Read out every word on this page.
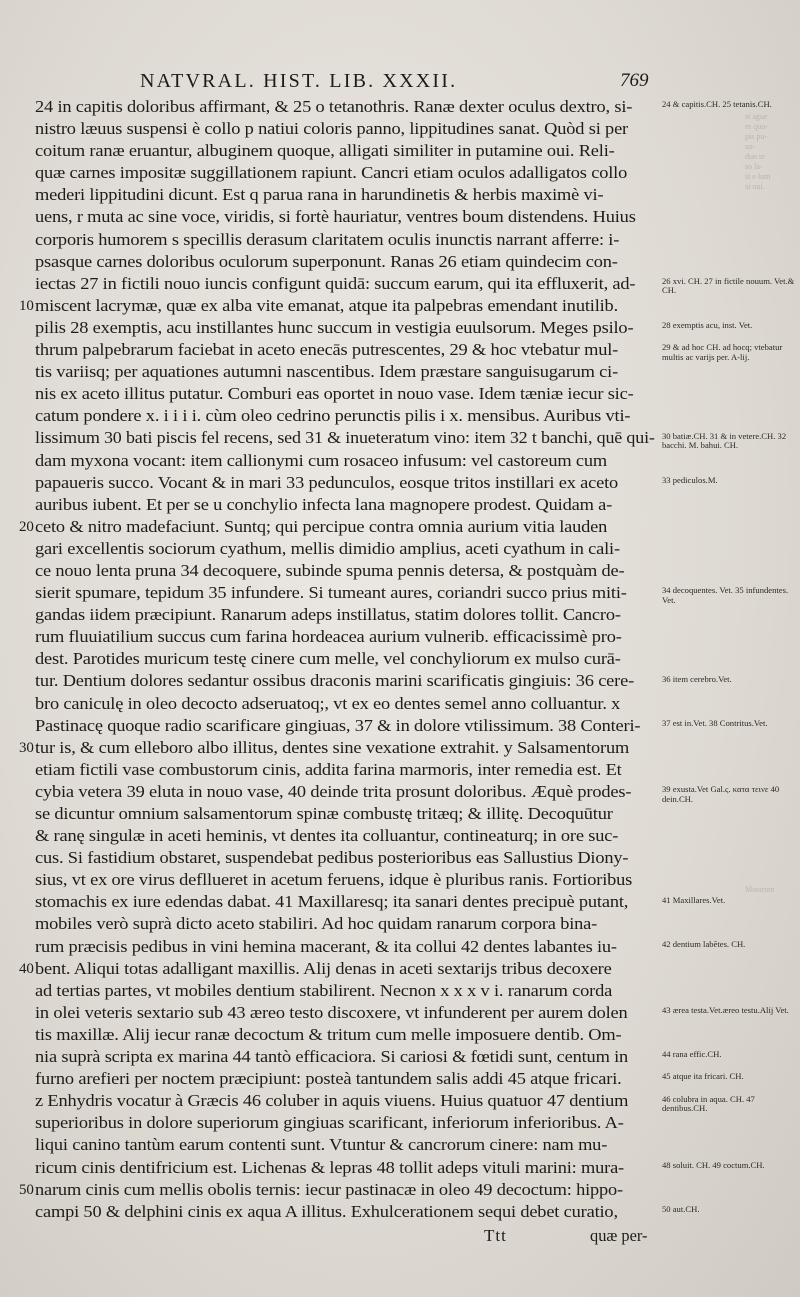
NATVRAL. HIST. LIB. XXXII.	769
24 in capitis doloribus affirmant, & 25 o tetanothris. Ranæ dexter oculus dextro, si-
nistro læuus suspensi è collo p natiui coloris panno, lippitudines sanat. Quòd si per
coitum ranæ eruantur, albuginem quoque, alligati similiter in putamine oui. Reli-
quæ carnes impositæ suggillationem rapiunt. Cancri etiam oculos adalligatos collo
mederi lippitudini dicunt. Est q parua rana in harundinetis & herbis maximè vi-
uens, r muta ac sine voce, viridis, si fortè hauriatur, ventres boum distendens. Huius
corporis humorem s specillis derasum claritatem oculis inunctis narrant afferre: i-
psasque carnes doloribus oculorum superponunt. Ranas 26 etiam quindecim con-
iectas 27 in fictili nouo iuncis configunt quidā: succum earum, qui ita effluxerit, ad-
10 miscent lacrymæ, quæ ex alba vite emanat, atque ita palpebras emendant inutilib.
pilis 28 exemptis, acu instillantes hunc succum in vestigia euulsorum. Meges psilo-
thrum palpebrarum faciebat in aceto enecās putrescentes, 29 & hoc vtebatur mul-
tis variisq; per aquationes autumni nascentibus. Idem præstare sanguisugarum ci-
nis ex aceto illitus putatur. Comburi eas oportet in nouo vase. Idem tæniæ iecur sic-
catum pondere x. i i i i. cùm oleo cedrino perunctis pilis i x. mensibus. Auribus vti-
lissimum 30 bati piscis fel recens, sed 31 & inueteratum vino: item 32 t banchi, quē qui-
dam myxona vocant: item callionymi cum rosaceo infusum: vel castoreum cum
papaueris succo. Vocant & in mari 33 pedunculos, eosque tritos instillari ex aceto
auribus iubent. Et per se u conchylio infecta lana magnopere prodest. Quidam a-
20 ceto & nitro madefaciunt. Suntq; qui percipue contra omnia aurium vitia lauden
gari excellentis sociorum cyathum, mellis dimidio amplius, aceti cyathum in cali-
ce nouo lenta pruna 34 decoquere, subinde spuma pennis detersa, & postquàm de-
sierit spumare, tepidum 35 infundere. Si tumeant aures, coriandri succo prius miti-
gandas iidem præcipiunt. Ranarum adeps instillatus, statim dolores tollit. Cancro-
rum fluuiatilium succus cum farina hordeacea aurium vulnerib. efficacissimè pro-
dest. Parotides muricum testę cinere cum melle, vel conchyliorum ex mulso curā-
tur. Dentium dolores sedantur ossibus draconis marini scarificatis gingiuis: 36 cere-
bro caniculę in oleo decocto adseruatoq;, vt ex eo dentes semel anno colluantur. x
Pastinacę quoque radio scarificare gingiuas, 37 & in dolore vtilissimum. 38 Conteri-
30 tur is, & cum elleboro albo illitus, dentes sine vexatione extrahit. y Salsamentorum
etiam fictili vase combustorum cinis, addita farina marmoris, inter remedia est. Et
cybia vetera 39 eluta in nouo vase, 40 deinde trita prosunt doloribus. Æquè prodes-
se dicuntur omnium salsamentorum spinæ combustę tritæq; & illitę. Decoquūtur
& ranę singulæ in aceti heminis, vt dentes ita colluantur, contineaturq; in ore suc-
cus. Si fastidium obstaret, suspendebat pedibus posterioribus eas Sallustius Diony-
sius, vt ex ore virus defllueret in acetum feruens, idque è pluribus ranis. Fortioribus
stomachis ex iure edendas dabat. 41 Maxillaresq; ita sanari dentes precipuè putant,
mobiles verò suprà dicto aceto stabiliri. Ad hoc quidam ranarum corpora bina-
rum præcisis pedibus in vini hemina macerant, & ita collui 42 dentes labantes iu-
40 bent. Aliqui totas adalligant maxillis. Alij denas in aceti sextarijs tribus decoxere
ad tertias partes, vt mobiles dentium stabilirent. Necnon x x x v i. ranarum corda
in olei veteris sextario sub 43 æreo testo discoxere, vt infunderent per aurem dolen
tis maxillæ. Alij iecur ranæ decoctum & tritum cum melle imposuere dentib. Om-
nia suprà scripta ex marina 44 tantò efficaciora. Si cariosi & fœtidi sunt, centum in
furno arefieri per noctem præcipiunt: posteà tantundem salis addi 45 atque fricari.
z Enhydris vocatur à Græcis 46 coluber in aquis viuens. Huius quatuor 47 dentium
superioribus in dolore superiorum gingiuas scarificant, inferiorum inferioribus. A-
liqui canino tantùm earum contenti sunt. Vtuntur & cancrorum cinere: nam mu-
ricum cinis dentifricium est. Lichenas & lepras 48 tollit adeps vituli marini: mura-
50 narum cinis cum mellis obolis ternis: iecur pastinacæ in oleo 49 decoctum: hippo-
campi 50 & delphini cinis ex aqua A illitus. Exhulcerationem sequi debet curatio,
24 & capitis.CH. 25 tetanis.CH.
26 xvi. CH. 27 in fictile nouum. Vet.& CH.
28 exemptis acu, inst. Vet.
29 & ad hoc CH. ad hocq; vtebatur multis ac varijs per. A-lij.
30 batiæ.CH. 31 & in vetere.CH. 32 bacchi. M. bahui. CH.
33 pediculos.M.
34 decoquentes. Vet. 35 infundentes. Vet.
36 item cerebro.Vet.
37 est in.Vet. 38 Contritus.Vet.
39 exusta.Vet Gal.ς. κατα τεινε 40 dein.CH.
41 Maxillares.Vet.
42 dentium labētes. CH.
43 ærea testa.Vet.æreo testu.Alij Vet.
44 rana effic.CH.
45 atque ita fricari. CH.
46 colubra in aqua. CH. 47 dentibus.CH.
48 soluit. CH. 49 coctum.CH.
50 aut.CH.
st ague
m quo-
pis pu-
su-
dun te
so la-
st e lum
si oui.
Mostrom

Ttt	quæ per-
